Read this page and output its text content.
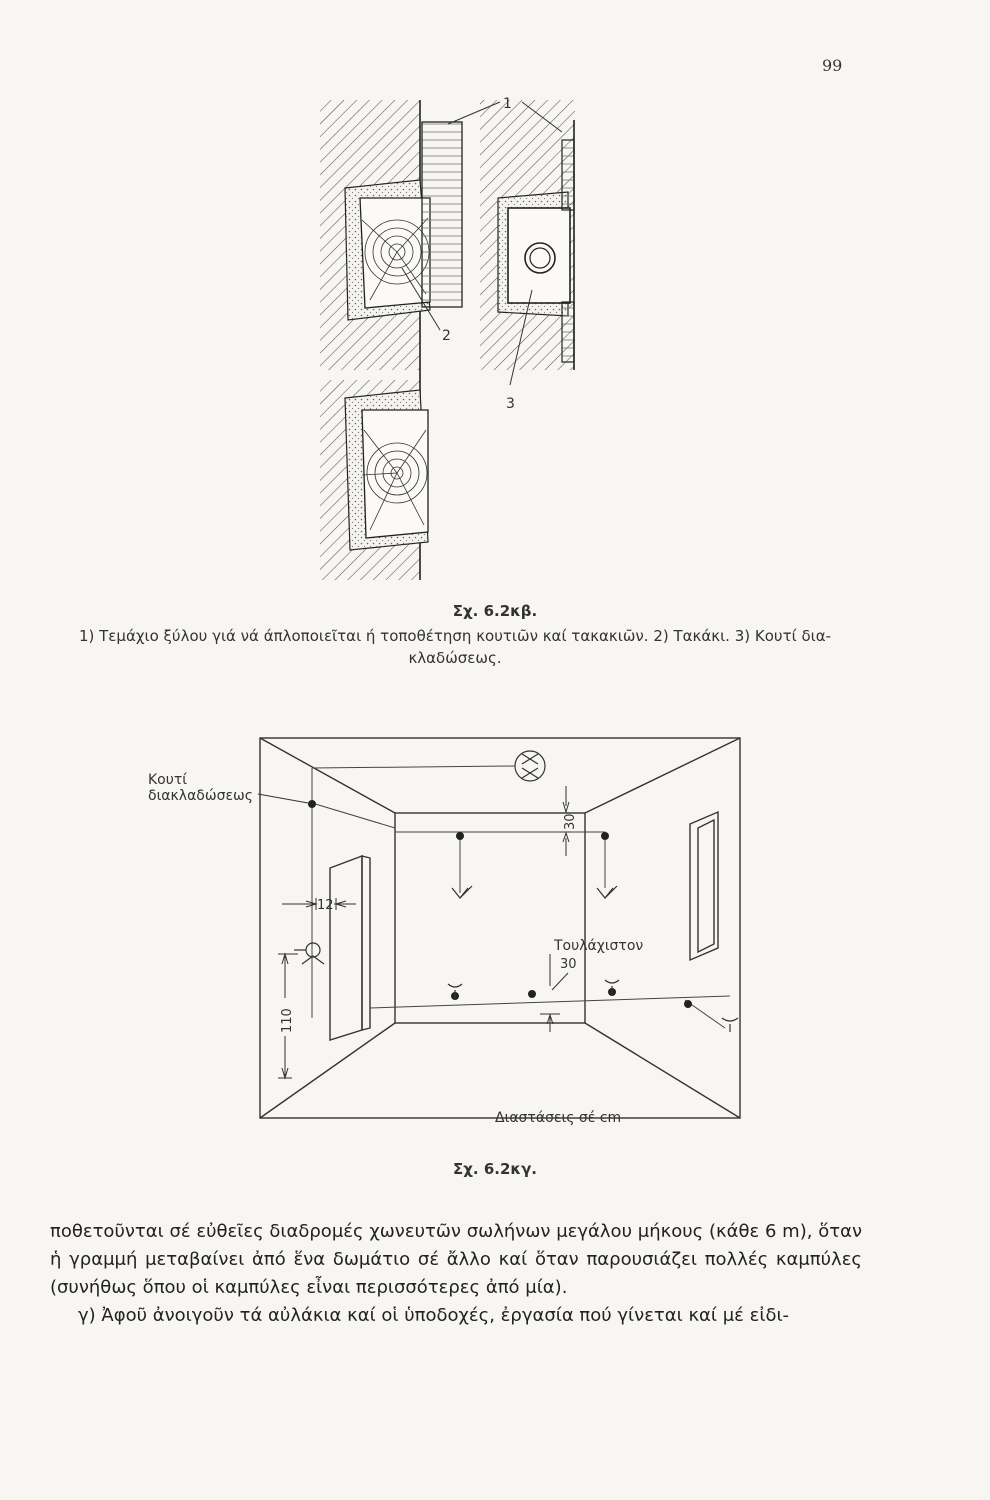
99
1
2
3
Σχ. 6.2κβ.
1) Τεμάχιο ξύλου γιά νά άπλοποιεῖται ή τοποθέτηση κουτιῶν καί τακακιῶν. 2) Τακάκι. 3) Κουτί δια- κλαδώσεως.
30
12
110
Κουτί
διακλαδώσεως
Τουλάχιστον
30
Διαστάσεις σέ cm
Σχ. 6.2κγ.

ποθετοῦνται σέ εὐθεῖες διαδρομές χωνευτῶν σωλήνων μεγάλου μήκους (κάθε 6 m), ὅταν ἡ γραμμή μεταβαίνει ἀπό ἕνα δωμάτιο σέ ἄλλο καί ὅταν παρουσιάζει πολλές καμπύλες (συνήθως ὅπου οἱ καμπύλες εἶναι περισσότερες ἀπό μία).

γ) Ἀφοῦ ἀνοιγοῦν τά αὐλάκια καί οἱ ὑποδοχές, ἐργασία πού γίνεται καί μέ εἰδι-
